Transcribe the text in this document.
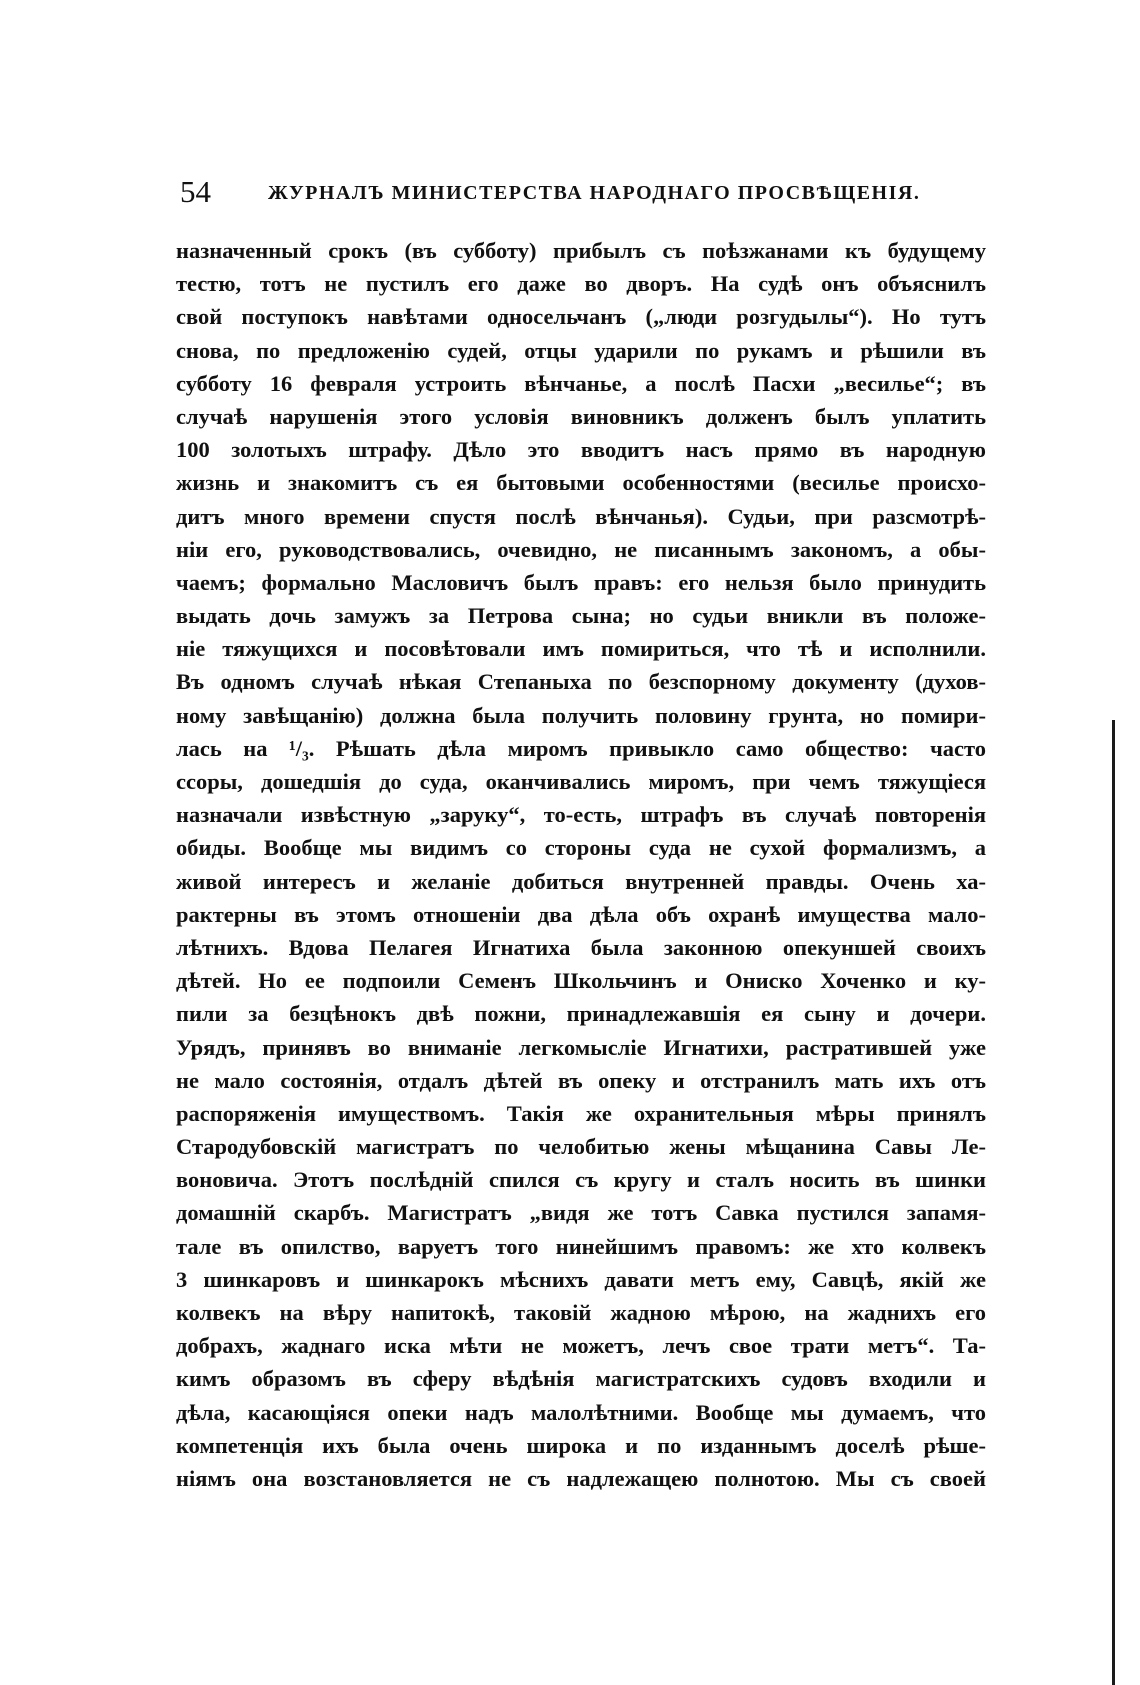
54	ЖУРНАЛЪ МИНИСТЕРСТВА НАРОДНАГО ПРОСВѢЩЕНІЯ.
назначенный срокъ (въ субботу) прибылъ съ поѣзжанами къ будущему
тестю, тотъ не пустилъ его даже во дворъ. На судѣ онъ объяснилъ
свой поступокъ навѣтами односельчанъ („люди розгудылы“). Но тутъ
снова, по предложенію судей, отцы ударили по рукамъ и рѣшили въ
субботу 16 февраля устроить вѣнчанье, а послѣ Пасхи „весилье“; въ
случаѣ нарушенія этого условія виновникъ долженъ былъ уплатить
100 золотыхъ штрафу. Дѣло это вводитъ насъ прямо въ народную
жизнь и знакомитъ съ ея бытовыми особенностями (весилье происхо-
дитъ много времени спустя послѣ вѣнчанья). Судьи, при разсмотрѣ-
ніи его, руководствовались, очевидно, не писаннымъ закономъ, а обы-
чаемъ; формально Масловичъ былъ правъ: его нельзя было принудить
выдать дочь замужъ за Петрова сына; но судьи вникли въ положе-
ніе тяжущихся и посовѣтовали имъ помириться, что тѣ и исполнили.
Въ одномъ случаѣ нѣкая Степаныха по безспорному документу (духов-
ному завѣщанію) должна была получить половину грунта, но помири-
лась на ¹/₃. Рѣшать дѣла миромъ привыкло само общество: часто
ссоры, дошедшія до суда, оканчивались миромъ, при чемъ тяжущіеся
назначали извѣстную „заруку“, то-есть, штрафъ въ случаѣ повторенія
обиды. Вообще мы видимъ со стороны суда не сухой формализмъ, а
живой интересъ и желаніе добиться внутренней правды. Очень ха-
рактерны въ этомъ отношеніи два дѣла объ охранѣ имущества мало-
лѣтнихъ. Вдова Пелагея Игнатиха была законною опекуншей своихъ
дѣтей. Но ее подпоили Семенъ Школьчинъ и Ониско Хоченко и ку-
пили за безцѣнокъ двѣ пожни, принадлежавшія ея сыну и дочери.
Урядъ, принявъ во вниманіе легкомысліе Игнатихи, растратившей уже
не мало состоянія, отдалъ дѣтей въ опеку и отстранилъ мать ихъ отъ
распоряженія имуществомъ. Такія же охранительныя мѣры принялъ
Стародубовскій магистратъ по челобитью жены мѣщанина Савы Ле-
воновича. Этотъ послѣдній спился съ кругу и сталъ носить въ шинки
домашній скарбъ. Магистратъ „видя же тотъ Савка пустился запамя-
тале въ опилство, варуетъ того нинейшимъ правомъ: же хто колвекъ
3 шинкаровъ и шинкарокъ мѣснихъ давати метъ ему, Савцѣ, якій же
колвекъ на вѣру напитокѣ, таковій жадною мѣрою, на жаднихъ его
добрахъ, жаднаго иска мѣти не можетъ, лечъ свое трати метъ“. Та-
кимъ образомъ въ сферу вѣдѣнія магистратскихъ судовъ входили и
дѣла, касающіяся опеки надъ малолѣтними. Вообще мы думаемъ, что
компетенція ихъ была очень широка и по изданнымъ доселѣ рѣше-
ніямъ она возстановляется не съ надлежащею полнотою. Мы съ своей
